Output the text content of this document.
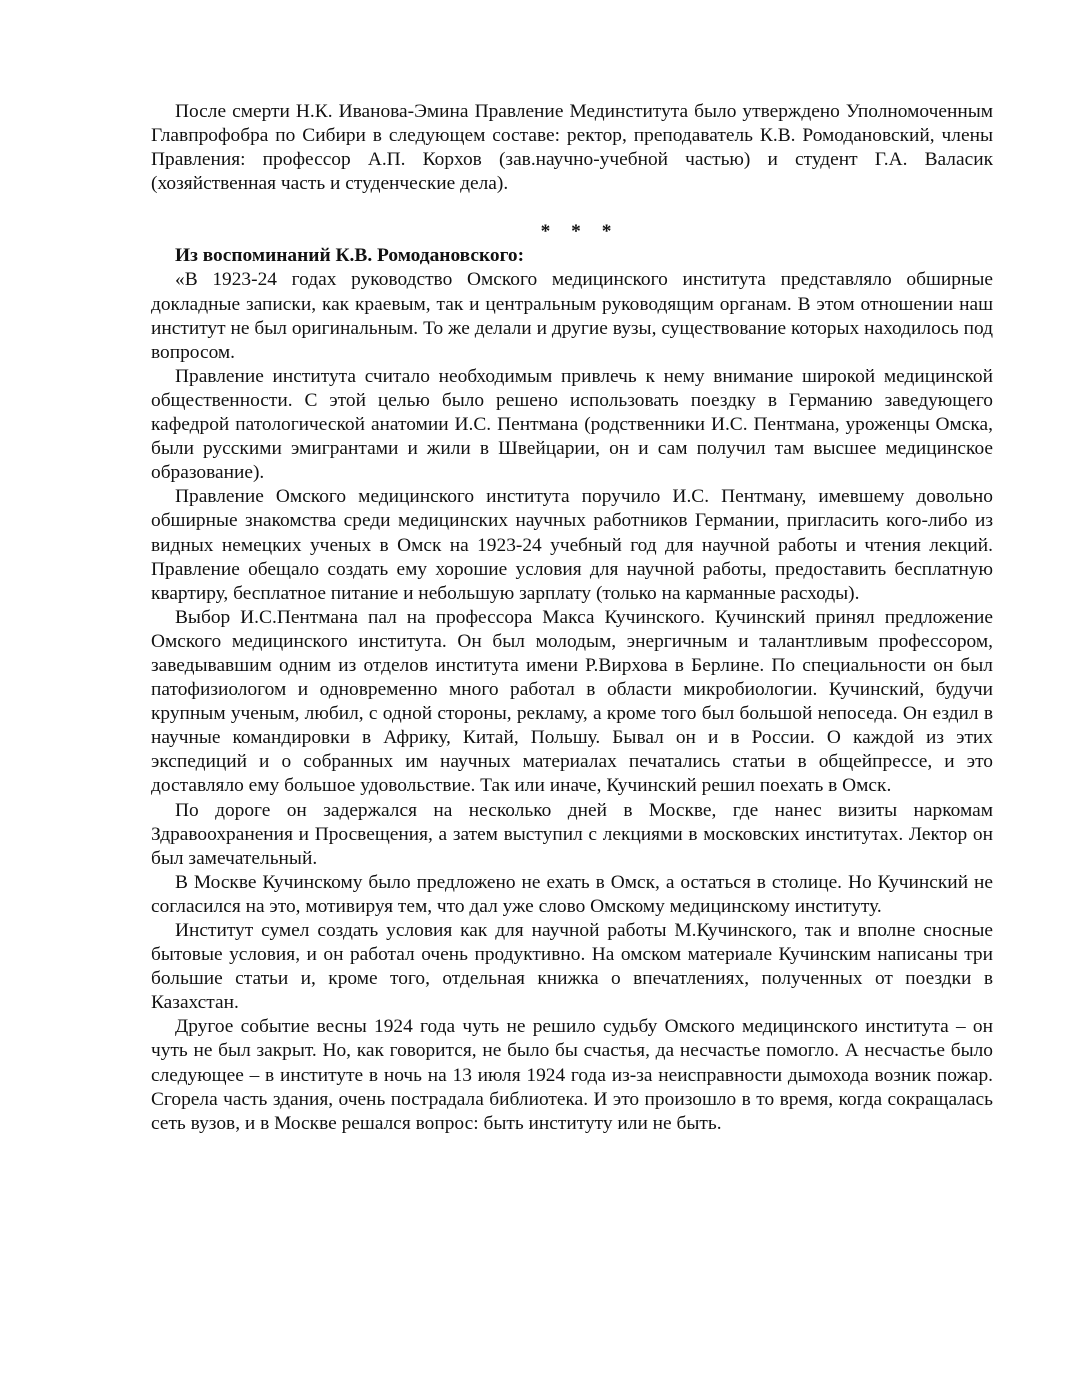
После смерти Н.К. Иванова-Эмина Правление Мединститута было утверждено Уполномоченным Главпрофобра по Сибири в следующем составе: ректор, преподаватель К.В. Ромодановский, члены Правления: профессор А.П. Корхов (зав.научно-учебной частью) и студент Г.А. Валасик (хозяйственная часть и студенческие дела).

* * *

Из воспоминаний К.В. Ромодановского:

«В 1923-24 годах руководство Омского медицинского института представляло обширные докладные записки, как краевым, так и центральным руководящим органам. В этом отношении наш институт не был оригинальным. То же делали и другие вузы, существование которых находилось под вопросом.

Правление института считало необходимым привлечь к нему внимание широкой медицинской общественности. С этой целью было решено использовать поездку в Германию заведующего кафедрой патологической анатомии И.С. Пентмана (родственники И.С. Пентмана, уроженцы Омска, были русскими эмигрантами и жили в Швейцарии, он и сам получил там высшее медицинское образование).

Правление Омского медицинского института поручило И.С. Пентману, имевшему довольно обширные знакомства среди медицинских научных работников Германии, пригласить кого-либо из видных немецких ученых в Омск на 1923-24 учебный год для научной работы и чтения лекций. Правление обещало создать ему хорошие условия для научной работы, предоставить бесплатную квартиру, бесплатное питание и небольшую зарплату (только на карманные расходы).

Выбор И.С.Пентмана пал на профессора Макса Кучинского. Кучинский принял предложение Омского медицинского института. Он был молодым, энергичным и талантливым профессором, заведывавшим одним из отделов института имени Р.Вирхова в Берлине. По специальности он был патофизиологом и одновременно много работал в области микробиологии. Кучинский, будучи крупным ученым, любил, с одной стороны, рекламу, а кроме того был большой непоседа. Он ездил в научные командировки в Африку, Китай, Польшу. Бывал он и в России. О каждой из этих экспедиций и о собранных им научных материалах печатались статьи в общейпрессе, и это доставляло ему большое удовольствие. Так или иначе, Кучинский решил поехать в Омск.

По дороге он задержался на несколько дней в Москве, где нанес визиты наркомам Здравоохранения и Просвещения, а затем выступил с лекциями в московских институтах. Лектор он был замечательный.

В Москве Кучинскому было предложено не ехать в Омск, а остаться в столице. Но Кучинский не согласился на это, мотивируя тем, что дал уже слово Омскому медицинскому институту.

Институт сумел создать условия как для научной работы М.Кучинского, так и вполне сносные бытовые условия, и он работал очень продуктивно. На омском материале Кучинским написаны три большие статьи и, кроме того, отдельная книжка о впечатлениях, полученных от поездки в Казахстан.

Другое событие весны 1924 года чуть не решило судьбу Омского медицинского института – он чуть не был закрыт. Но, как говорится, не было бы счастья, да несчастье помогло. А несчастье было следующее – в институте в ночь на 13 июля 1924 года из-за неисправности дымохода возник пожар. Сгорела часть здания, очень пострадала библиотека. И это произошло в то время, когда сокращалась сеть вузов, и в Москве решался вопрос: быть институту или не быть.
